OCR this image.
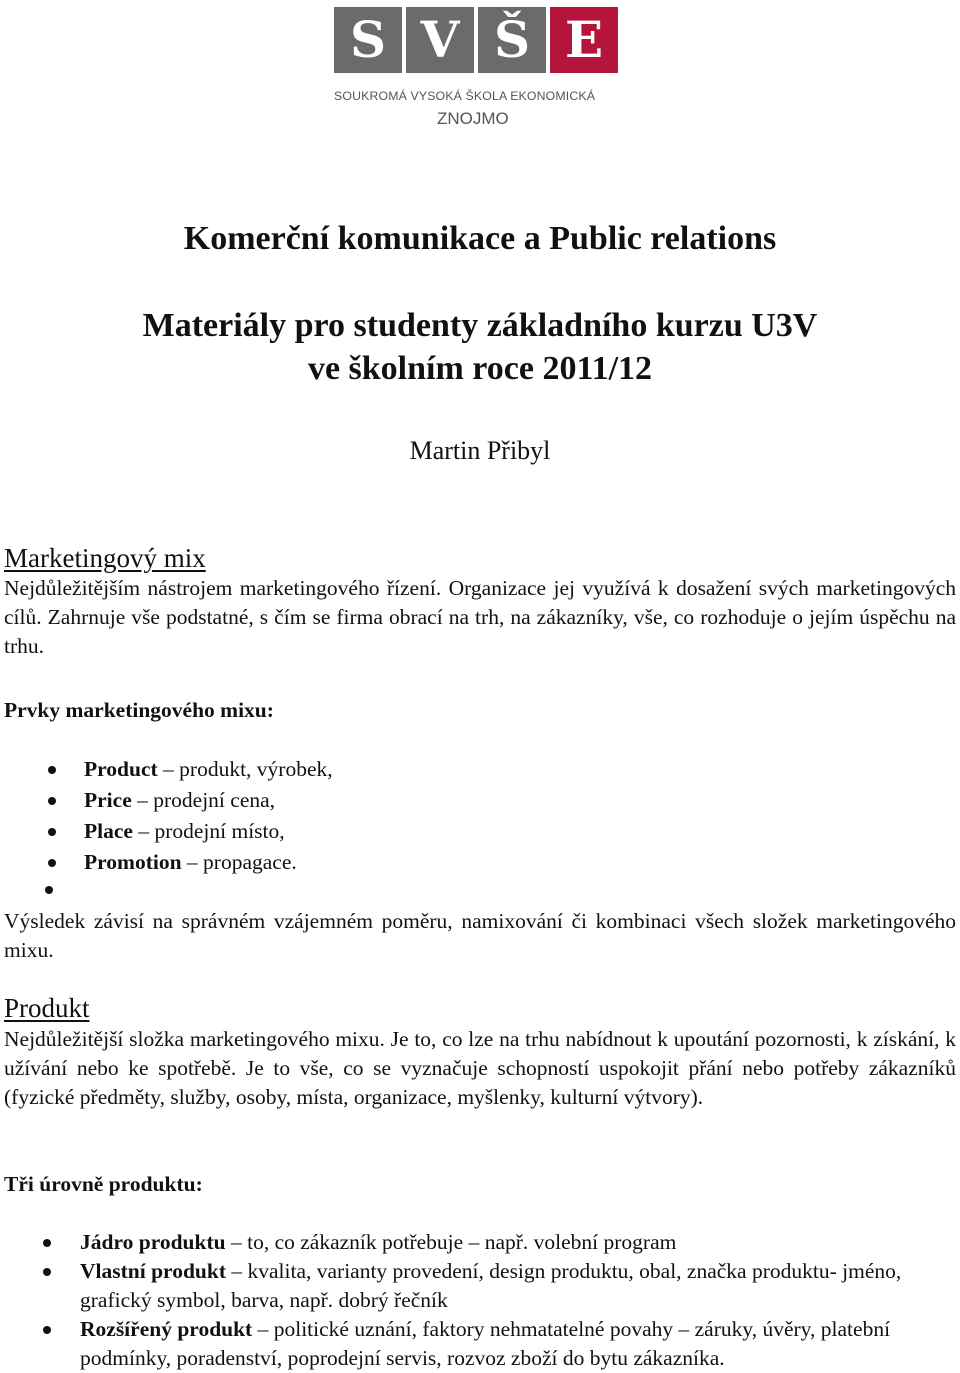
S V Š E
SOUKROMÁ VYSOKÁ ŠKOLA EKONOMICKÁ
ZNOJMO
Komerční komunikace a Public relations
Materiály pro studenty základního kurzu U3V
ve školním roce 2011/12
Martin Přibyl
Marketingový mix

Nejdůležitějším nástrojem marketingového řízení. Organizace jej využívá k dosažení svých marketingových cílů. Zahrnuje vše podstatné, s čím se firma obrací na trh, na zákazníky, vše, co rozhoduje o jejím úspěchu na trhu.

Prvky marketingového mixu:

Product – produkt, výrobek,
Price – prodejní cena,
Place – prodejní místo,
Promotion – propagace.

Výsledek závisí na správném vzájemném poměru, namixování či kombinaci všech složek marketingového mixu.

Produkt

Nejdůležitější složka marketingového mixu. Je to, co lze na trhu nabídnout k upoutání pozornosti, k získání, k užívání nebo ke spotřebě. Je to vše, co se vyznačuje schopností uspokojit přání nebo potřeby zákazníků (fyzické předměty, služby, osoby, místa, organizace, myšlenky, kulturní výtvory).

Tři úrovně produktu:

Jádro produktu – to, co zákazník potřebuje – např. volební program
Vlastní produkt – kvalita, varianty provedení, design produktu, obal, značka produktu- jméno, grafický symbol, barva, např. dobrý řečník
Rozšířený produkt – politické uznání, faktory nehmatatelné povahy – záruky, úvěry, platební podmínky, poradenství, poprodejní servis, rozvoz zboží do bytu zákazníka.
